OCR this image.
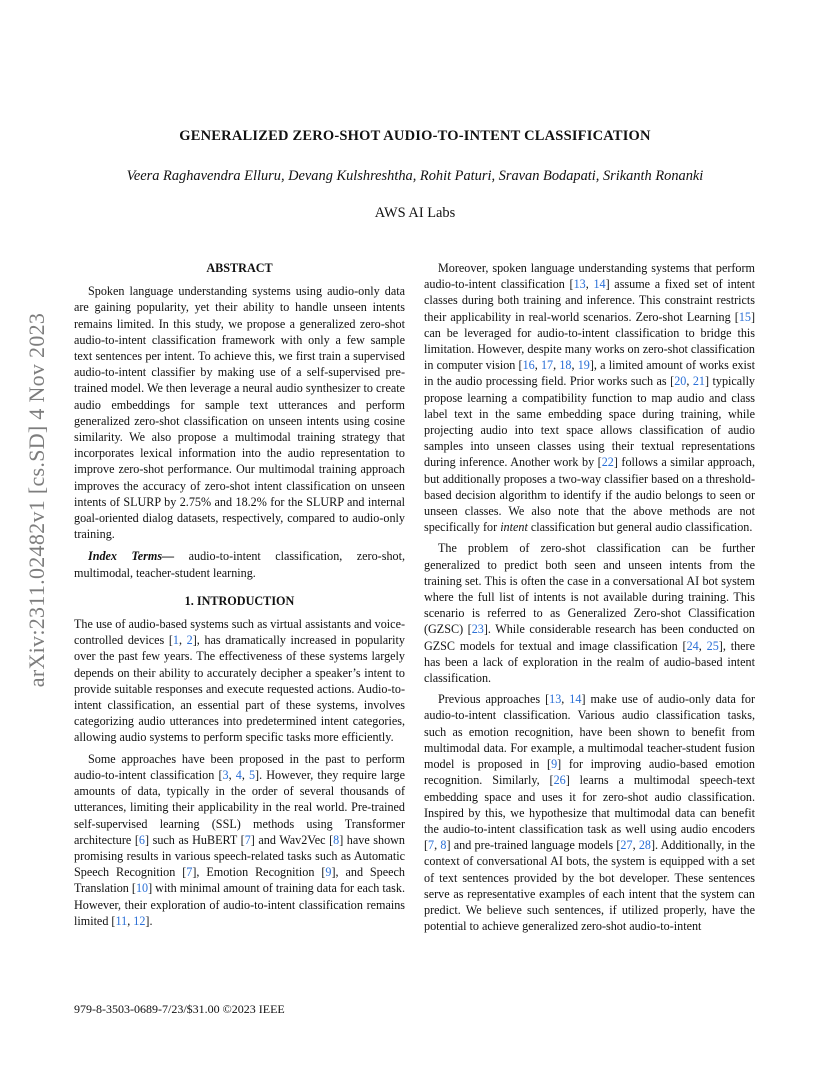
arXiv:2311.02482v1 [cs.SD] 4 Nov 2023
GENERALIZED ZERO-SHOT AUDIO-TO-INTENT CLASSIFICATION
Veera Raghavendra Elluru, Devang Kulshreshtha, Rohit Paturi, Sravan Bodapati, Srikanth Ronanki
AWS AI Labs
ABSTRACT

Spoken language understanding systems using audio-only data are gaining popularity, yet their ability to handle unseen intents remains limited. In this study, we propose a generalized zero-shot audio-to-intent classification framework with only a few sample text sentences per intent. To achieve this, we first train a supervised audio-to-intent classifier by making use of a self-supervised pre-trained model. We then leverage a neural audio synthesizer to create audio embeddings for sample text utterances and perform generalized zero-shot classification on unseen intents using cosine similarity. We also propose a multimodal training strategy that incorporates lexical information into the audio representation to improve zero-shot performance. Our multimodal training approach improves the accuracy of zero-shot intent classification on unseen intents of SLURP by 2.75% and 18.2% for the SLURP and internal goal-oriented dialog datasets, respectively, compared to audio-only training.

Index Terms— audio-to-intent classification, zero-shot, multimodal, teacher-student learning.

1. INTRODUCTION

The use of audio-based systems such as virtual assistants and voice-controlled devices [1, 2], has dramatically increased in popularity over the past few years. The effectiveness of these systems largely depends on their ability to accurately decipher a speaker’s intent to provide suitable responses and execute requested actions. Audio-to-intent classification, an essential part of these systems, involves categorizing audio utterances into predetermined intent categories, allowing audio systems to perform specific tasks more efficiently.

Some approaches have been proposed in the past to perform audio-to-intent classification [3, 4, 5]. However, they require large amounts of data, typically in the order of several thousands of utterances, limiting their applicability in the real world. Pre-trained self-supervised learning (SSL) methods using Transformer architecture [6] such as HuBERT [7] and Wav2Vec [8] have shown promising results in various speech-related tasks such as Automatic Speech Recognition [7], Emotion Recognition [9], and Speech Translation [10] with minimal amount of training data for each task. However, their exploration of audio-to-intent classification remains limited [11, 12].

Moreover, spoken language understanding systems that perform audio-to-intent classification [13, 14] assume a fixed set of intent classes during both training and inference. This constraint restricts their applicability in real-world scenarios. Zero-shot Learning [15] can be leveraged for audio-to-intent classification to bridge this limitation. However, despite many works on zero-shot classification in computer vision [16, 17, 18, 19], a limited amount of works exist in the audio processing field. Prior works such as [20, 21] typically propose learning a compatibility function to map audio and class label text in the same embedding space during training, while projecting audio into text space allows classification of audio samples into unseen classes using their textual representations during inference. Another work by [22] follows a similar approach, but additionally proposes a two-way classifier based on a threshold-based decision algorithm to identify if the audio belongs to seen or unseen classes. We also note that the above methods are not specifically for intent classification but general audio classification.

The problem of zero-shot classification can be further generalized to predict both seen and unseen intents from the training set. This is often the case in a conversational AI bot system where the full list of intents is not available during training. This scenario is referred to as Generalized Zero-shot Classification (GZSC) [23]. While considerable research has been conducted on GZSC models for textual and image classification [24, 25], there has been a lack of exploration in the realm of audio-based intent classification.

Previous approaches [13, 14] make use of audio-only data for audio-to-intent classification. Various audio classification tasks, such as emotion recognition, have been shown to benefit from multimodal data. For example, a multimodal teacher-student fusion model is proposed in [9] for improving audio-based emotion recognition. Similarly, [26] learns a multimodal speech-text embedding space and uses it for zero-shot audio classification. Inspired by this, we hypothesize that multimodal data can benefit the audio-to-intent classification task as well using audio encoders [7, 8] and pre-trained language models [27, 28]. Additionally, in the context of conversational AI bots, the system is equipped with a set of text sentences provided by the bot developer. These sentences serve as representative examples of each intent that the system can predict. We believe such sentences, if utilized properly, have the potential to achieve generalized zero-shot audio-to-intent

979-8-3503-0689-7/23/$31.00 ©2023 IEEE
